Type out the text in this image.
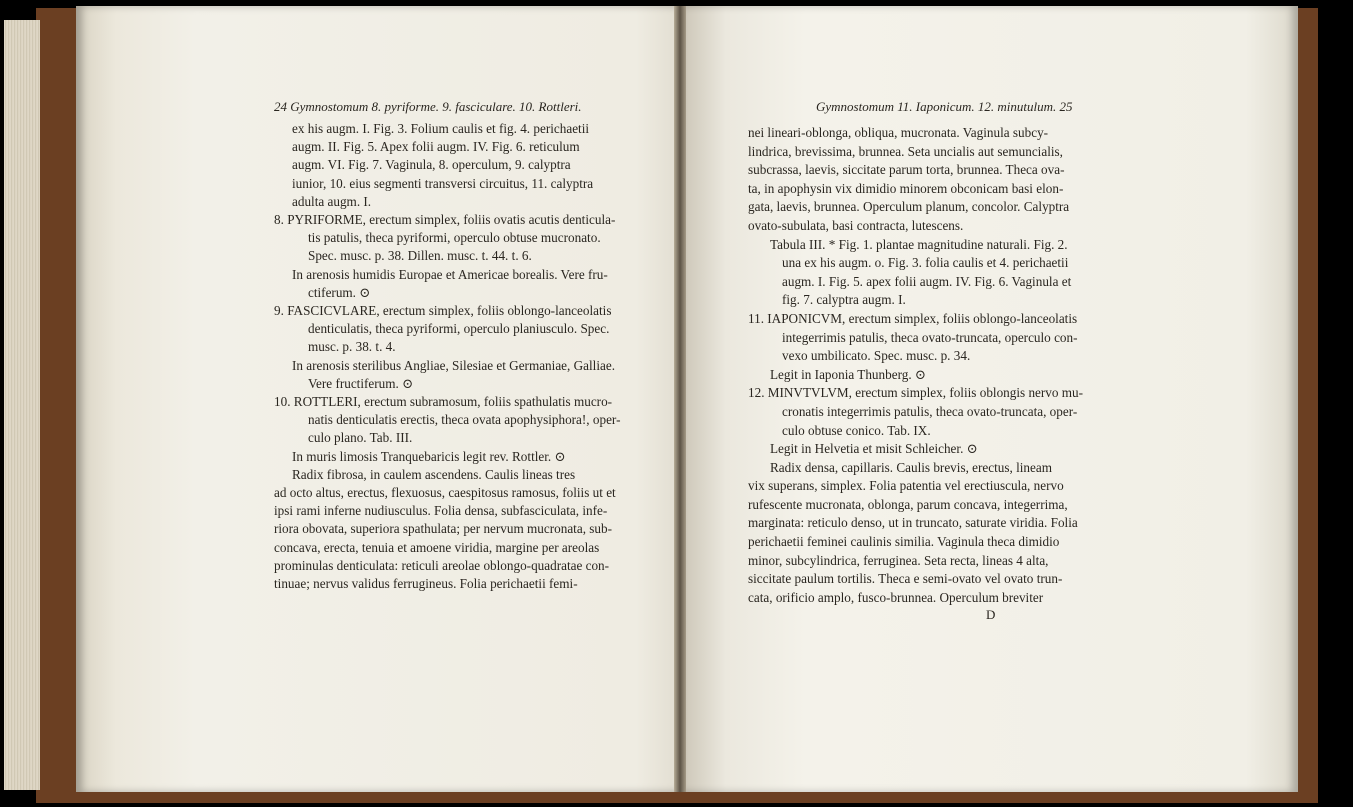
24 Gymnostomum 8. pyriforme. 9. fasciculare. 10. Rottleri.
ex his augm. I. Fig. 3. Folium caulis et fig. 4. perichaetii
augm. II. Fig. 5. Apex folii augm. IV. Fig. 6. reticulum
augm. VI. Fig. 7. Vaginula, 8. operculum, 9. calyptra
iunior, 10. eius segmenti transversi circuitus, 11. calyptra
adulta augm. I.
8. PYRIFORME, erectum simplex, foliis ovatis acutis denticula-
tis patulis, theca pyriformi, operculo obtuse mucronato.
Spec. musc. p. 38. Dillen. musc. t. 44. t. 6.
In arenosis humidis Europae et Americae borealis. Vere fru-
ctiferum. ⊙
9. FASCICVLARE, erectum simplex, foliis oblongo-lanceolatis
denticulatis, theca pyriformi, operculo planiusculo. Spec.
musc. p. 38. t. 4.
In arenosis sterilibus Angliae, Silesiae et Germaniae, Galliae.
Vere fructiferum. ⊙
10. ROTTLERI, erectum subramosum, foliis spathulatis mucro-
natis denticulatis erectis, theca ovata apophysiphora!, oper-
culo plano. Tab. III.
In muris limosis Tranquebaricis legit rev. Rottler. ⊙
Radix fibrosa, in caulem ascendens. Caulis lineas tres
ad octo altus, erectus, flexuosus, caespitosus ramosus, foliis ut et
ipsi rami inferne nudiusculus. Folia densa, subfasciculata, infe-
riora obovata, superiora spathulata; per nervum mucronata, sub-
concava, erecta, tenuia et amoene viridia, margine per areolas
prominulas denticulata: reticuli areolae oblongo-quadratae con-
tinuae; nervus validus ferrugineus. Folia perichaetii femi-
Gymnostomum 11. Iaponicum. 12. minutulum. 25
nei lineari-oblonga, obliqua, mucronata. Vaginula subcy-
lindrica, brevissima, brunnea. Seta uncialis aut semuncialis,
subcrassa, laevis, siccitate parum torta, brunnea. Theca ova-
ta, in apophysin vix dimidio minorem obconicam basi elon-
gata, laevis, brunnea. Operculum planum, concolor. Calyptra
ovato-subulata, basi contracta, lutescens.
Tabula III. * Fig. 1. plantae magnitudine naturali. Fig. 2.
una ex his augm. o. Fig. 3. folia caulis et 4. perichaetii
augm. I. Fig. 5. apex folii augm. IV. Fig. 6. Vaginula et
fig. 7. calyptra augm. I.
11. IAPONICVM, erectum simplex, foliis oblongo-lanceolatis
integerrimis patulis, theca ovato-truncata, operculo con-
vexo umbilicato. Spec. musc. p. 34.
Legit in Iaponia Thunberg. ⊙
12. MINVTVLVM, erectum simplex, foliis oblongis nervo mu-
cronatis integerrimis patulis, theca ovato-truncata, oper-
culo obtuse conico. Tab. IX.
Legit in Helvetia et misit Schleicher. ⊙
Radix densa, capillaris. Caulis brevis, erectus, lineam
vix superans, simplex. Folia patentia vel erectiuscula, nervo
rufescente mucronata, oblonga, parum concava, integerrima,
marginata: reticulo denso, ut in truncato, saturate viridia. Folia
perichaetii feminei caulinis similia. Vaginula theca dimidio
minor, subcylindrica, ferruginea. Seta recta, lineas 4 alta,
siccitate paulum tortilis. Theca e semi-ovato vel ovato trun-
cata, orificio amplo, fusco-brunnea. Operculum breviter
D
